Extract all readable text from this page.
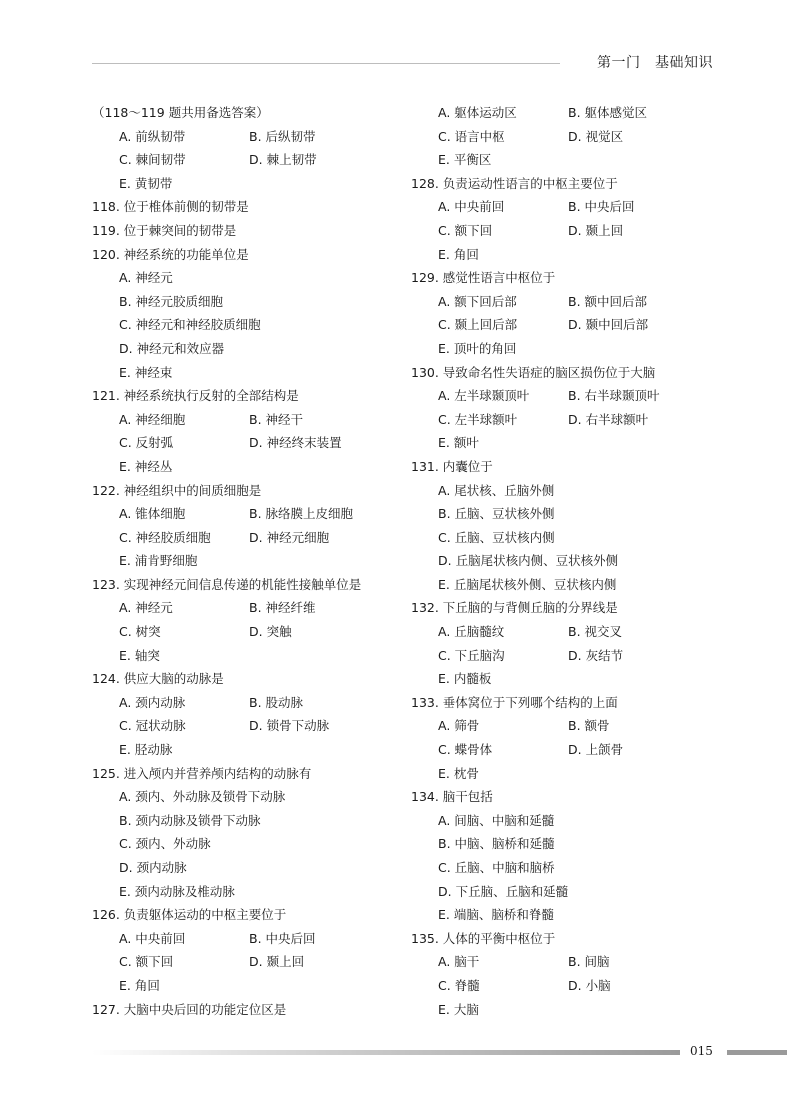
第一门　基础知识
（118～119 题共用备选答案）
A. 前纵韧带	B. 后纵韧带
C. 棘间韧带	D. 棘上韧带
E. 黄韧带
118. 位于椎体前侧的韧带是
119. 位于棘突间的韧带是
120. 神经系统的功能单位是
A. 神经元
B. 神经元胶质细胞
C. 神经元和神经胶质细胞
D. 神经元和效应器
E. 神经束
121. 神经系统执行反射的全部结构是
A. 神经细胞	B. 神经干
C. 反射弧	D. 神经终末装置
E. 神经丛
122. 神经组织中的间质细胞是
A. 锥体细胞	B. 脉络膜上皮细胞
C. 神经胶质细胞	D. 神经元细胞
E. 浦肯野细胞
123. 实现神经元间信息传递的机能性接触单位是
A. 神经元	B. 神经纤维
C. 树突	D. 突触
E. 轴突
124. 供应大脑的动脉是
A. 颈内动脉	B. 股动脉
C. 冠状动脉	D. 锁骨下动脉
E. 胫动脉
125. 进入颅内并营养颅内结构的动脉有
A. 颈内、外动脉及锁骨下动脉
B. 颈内动脉及锁骨下动脉
C. 颈内、外动脉
D. 颈内动脉
E. 颈内动脉及椎动脉
126. 负责躯体运动的中枢主要位于
A. 中央前回	B. 中央后回
C. 额下回	D. 颞上回
E. 角回
127. 大脑中央后回的功能定位区是
A. 躯体运动区	B. 躯体感觉区
C. 语言中枢	D. 视觉区
E. 平衡区
128. 负责运动性语言的中枢主要位于
A. 中央前回	B. 中央后回
C. 额下回	D. 颞上回
E. 角回
129. 感觉性语言中枢位于
A. 额下回后部	B. 额中回后部
C. 颞上回后部	D. 颞中回后部
E. 顶叶的角回
130. 导致命名性失语症的脑区损伤位于大脑
A. 左半球颞顶叶	B. 右半球颞顶叶
C. 左半球额叶	D. 右半球额叶
E. 额叶
131. 内囊位于
A. 尾状核、丘脑外侧
B. 丘脑、豆状核外侧
C. 丘脑、豆状核内侧
D. 丘脑尾状核内侧、豆状核外侧
E. 丘脑尾状核外侧、豆状核内侧
132. 下丘脑的与背侧丘脑的分界线是
A. 丘脑髓纹	B. 视交叉
C. 下丘脑沟	D. 灰结节
E. 内髓板
133. 垂体窝位于下列哪个结构的上面
A. 筛骨	B. 额骨
C. 蝶骨体	D. 上颌骨
E. 枕骨
134. 脑干包括
A. 间脑、中脑和延髓
B. 中脑、脑桥和延髓
C. 丘脑、中脑和脑桥
D. 下丘脑、丘脑和延髓
E. 端脑、脑桥和脊髓
135. 人体的平衡中枢位于
A. 脑干	B. 间脑
C. 脊髓	D. 小脑
E. 大脑
015
